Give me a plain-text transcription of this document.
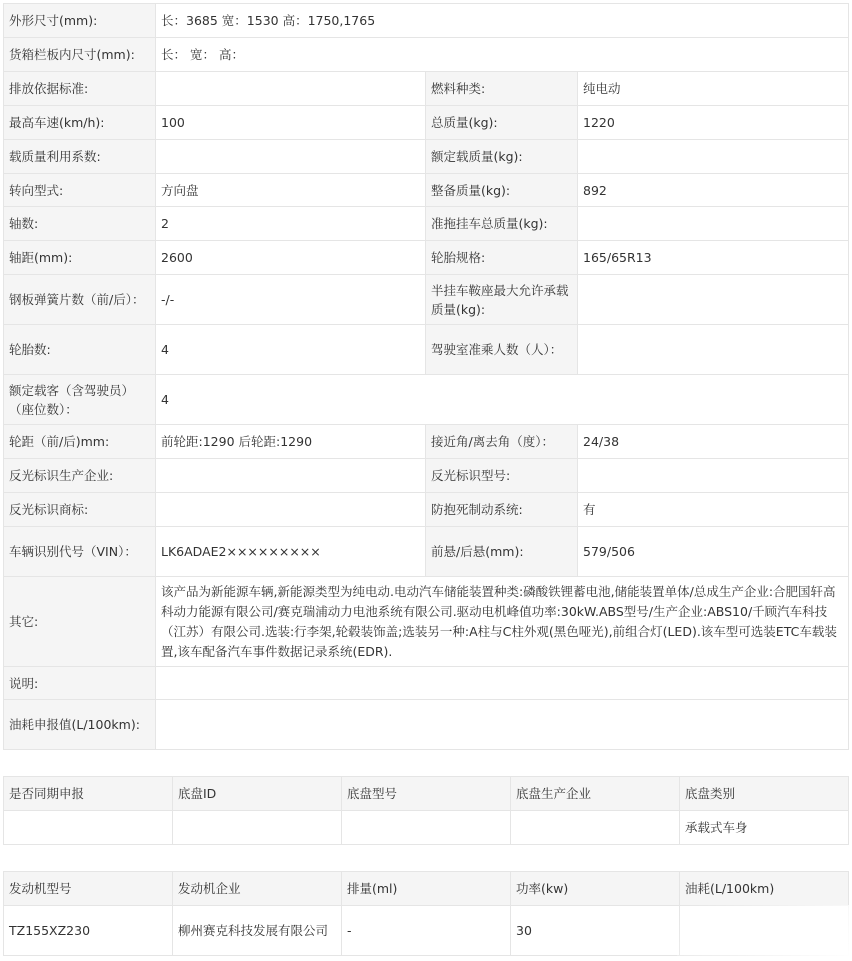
外形尺寸(mm):	长：3685 宽：1530 高：1750,1765		
货箱栏板内尺寸(mm):	长： 宽： 高：		
排放依据标准:		燃料种类:	纯电动
最高车速(km/h):	100	总质量(kg):	1220
载质量利用系数:		额定载质量(kg):	
转向型式:	方向盘	整备质量(kg):	892
轴数:	2	准拖挂车总质量(kg):	
轴距(mm):	2600	轮胎规格:	165/65R13
钢板弹簧片数（前/后）：	-/-	半挂车鞍座最大允许承载质量(kg):	
轮胎数:	4	驾驶室准乘人数（人）：	
额定载客（含驾驶员）（座位数）：	4		
轮距（前/后)mm:	前轮距:1290 后轮距:1290	接近角/离去角（度）：	24/38
反光标识生产企业:		反光标识型号:	
反光标识商标:		防抱死制动系统:	有
车辆识别代号（VIN）：	LK6ADAE2×××××××××	前悬/后悬(mm):	579/506
其它:	该产品为新能源车辆,新能源类型为纯电动.电动汽车储能装置种类:磷酸铁锂蓄电池,储能装置单体/总成生产企业:合肥国轩高科动力能源有限公司/赛克瑞浦动力电池系统有限公司.驱动电机峰值功率:30kW.ABS型号/生产企业:ABS10/千顾汽车科技（江苏）有限公司.选装:行李架,轮毂装饰盖;选装另一种:A柱与C柱外观(黑色哑光),前组合灯(LED).该车型可选装ETC车载装置,该车配备汽车事件数据记录系统(EDR).		
说明:			
油耗申报值(L/100km):			
是否同期申报	底盘ID	底盘型号	底盘生产企业	底盘类别
				承载式车身
发动机型号	发动机企业	排量(ml)	功率(kw)	油耗(L/100km)
TZ155XZ230	柳州赛克科技发展有限公司	-	30	
